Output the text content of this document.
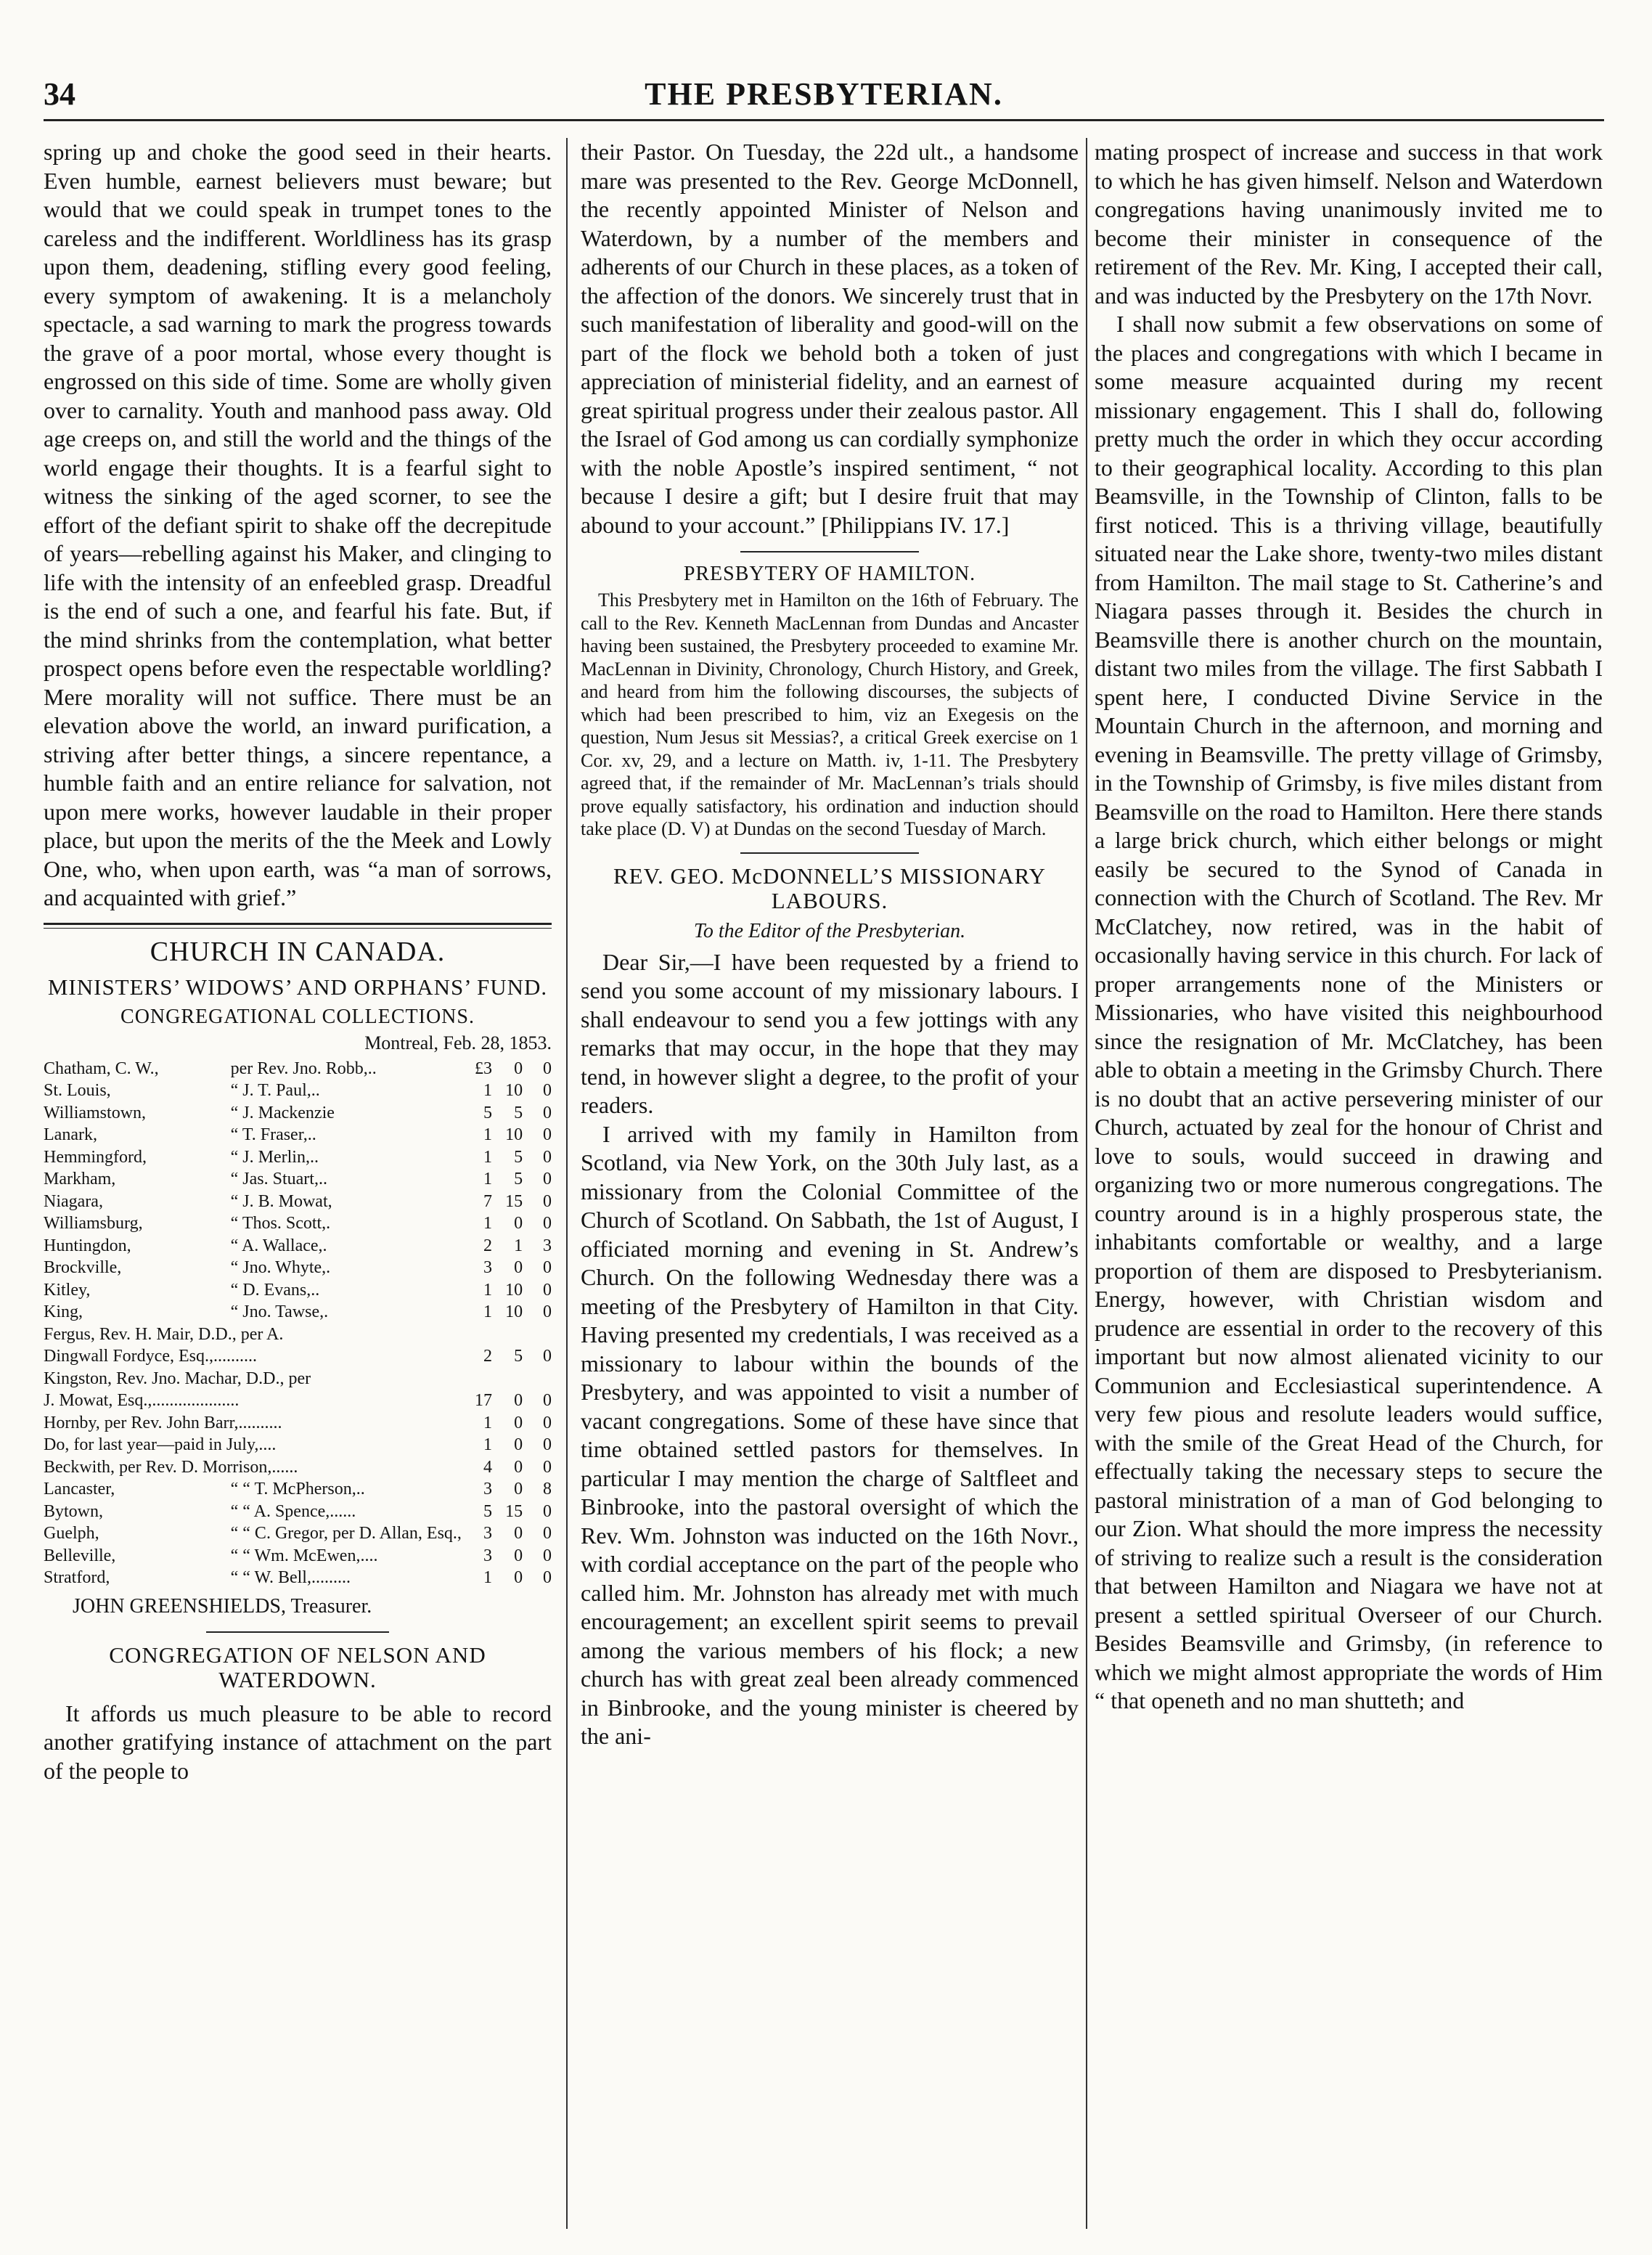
34	THE PRESBYTERIAN.

spring up and choke the good seed in their hearts. Even humble, earnest believers must beware; but would that we could speak in trumpet tones to the careless and the indifferent. Worldliness has its grasp upon them, deadening, stifling every good feeling, every symptom of awakening. It is a melancholy spectacle, a sad warning to mark the progress towards the grave of a poor mortal, whose every thought is engrossed on this side of time. Some are wholly given over to carnality. Youth and manhood pass away. Old age creeps on, and still the world and the things of the world engage their thoughts. It is a fearful sight to witness the sinking of the aged scorner, to see the effort of the defiant spirit to shake off the decrepitude of years—rebelling against his Maker, and clinging to life with the intensity of an enfeebled grasp. Dreadful is the end of such a one, and fearful his fate. But, if the mind shrinks from the contemplation, what better prospect opens before even the respectable worldling? Mere morality will not suffice. There must be an elevation above the world, an inward purification, a striving after better things, a sincere repentance, a humble faith and an entire reliance for salvation, not upon mere works, however laudable in their proper place, but upon the merits of the the Meek and Lowly One, who, when upon earth, was “a man of sorrows, and acquainted with grief.”

CHURCH IN CANADA.
MINISTERS’ WIDOWS’ AND ORPHANS’ FUND.
CONGREGATIONAL COLLECTIONS.
Montreal, Feb. 28, 1853.
Chatham, C. W.,	per Rev. Jno. Robb,..	£3	0	0
St. Louis,	“ J. T. Paul,..	1	10	0
Williamstown,	“ J. Mackenzie	5	5	0
Lanark,	“ T. Fraser,..	1	10	0
Hemmingford,	“ J. Merlin,..	1	5	0
Markham,	“ Jas. Stuart,..	1	5	0
Niagara,	“ J. B. Mowat,	7	15	0
Williamsburg,	“ Thos. Scott,.	1	0	0
Huntingdon,	“ A. Wallace,.	2	1	3
Brockville,	“ Jno. Whyte,.	3	0	0
Kitley,	“ D. Evans,..	1	10	0
King,	“ Jno. Tawse,.	1	10	0
Fergus, Rev. H. Mair, D.D., per A.				
Dingwall Fordyce, Esq.,..........		2	5	0
Kingston, Rev. Jno. Machar, D.D., per				
J. Mowat, Esq.,....................		17	0	0
Hornby, per Rev. John Barr,..........		1	0	0
Do, for last year—paid in July,....		1	0	0
Beckwith, per Rev. D. Morrison,......		4	0	0
Lancaster,	“ “ T. McPherson,..	3	0	8
Bytown,	“ “ A. Spence,......	5	15	0
Guelph,	“ “ C. Gregor, per D. Allan, Esq.,	3	0	0
Belleville,	“ “ Wm. McEwen,....	3	0	0
Stratford,	“ “ W. Bell,.........	1	0	0
JOHN GREENSHIELDS, Treasurer.
CONGREGATION OF NELSON AND WATERDOWN.

It affords us much pleasure to be able to record another gratifying instance of attachment on the part of the people to

their Pastor. On Tuesday, the 22d ult., a handsome mare was presented to the Rev. George McDonnell, the recently appointed Minister of Nelson and Waterdown, by a number of the members and adherents of our Church in these places, as a token of the affection of the donors. We sincerely trust that in such manifestation of liberality and good-will on the part of the flock we behold both a token of just appreciation of ministerial fidelity, and an earnest of great spiritual progress under their zealous pastor. All the Israel of God among us can cordially symphonize with the noble Apostle’s inspired sentiment, “ not because I desire a gift; but I desire fruit that may abound to your account.” [Philippians IV. 17.]

PRESBYTERY OF HAMILTON.

This Presbytery met in Hamilton on the 16th of February. The call to the Rev. Kenneth MacLennan from Dundas and Ancaster having been sustained, the Presbytery proceeded to examine Mr. MacLennan in Divinity, Chronology, Church History, and Greek, and heard from him the following discourses, the subjects of which had been prescribed to him, viz an Exegesis on the question, Num Jesus sit Messias?, a critical Greek exercise on 1 Cor. xv, 29, and a lecture on Matth. iv, 1-11. The Presbytery agreed that, if the remainder of Mr. MacLennan’s trials should prove equally satisfactory, his ordination and induction should take place (D. V) at Dundas on the second Tuesday of March.

REV. GEO. McDONNELL’S MISSIONARY LABOURS.
To the Editor of the Presbyterian.

Dear Sir,—I have been requested by a friend to send you some account of my missionary labours. I shall endeavour to send you a few jottings with any remarks that may occur, in the hope that they may tend, in however slight a degree, to the profit of your readers.

I arrived with my family in Hamilton from Scotland, via New York, on the 30th July last, as a missionary from the Colonial Committee of the Church of Scotland. On Sabbath, the 1st of August, I officiated morning and evening in St. Andrew’s Church. On the following Wednesday there was a meeting of the Presbytery of Hamilton in that City. Having presented my credentials, I was received as a missionary to labour within the bounds of the Presbytery, and was appointed to visit a number of vacant congregations. Some of these have since that time obtained settled pastors for themselves. In particular I may mention the charge of Saltfleet and Binbrooke, into the pastoral oversight of which the Rev. Wm. Johnston was inducted on the 16th Novr., with cordial acceptance on the part of the people who called him. Mr. Johnston has already met with much encouragement; an excellent spirit seems to prevail among the various members of his flock; a new church has with great zeal been already commenced in Binbrooke, and the young minister is cheered by the ani-

mating prospect of increase and success in that work to which he has given himself. Nelson and Waterdown congregations having unanimously invited me to become their minister in consequence of the retirement of the Rev. Mr. King, I accepted their call, and was inducted by the Presbytery on the 17th Novr.

I shall now submit a few observations on some of the places and congregations with which I became in some measure acquainted during my recent missionary engagement. This I shall do, following pretty much the order in which they occur according to their geographical locality. According to this plan Beamsville, in the Township of Clinton, falls to be first noticed. This is a thriving village, beautifully situated near the Lake shore, twenty-two miles distant from Hamilton. The mail stage to St. Catherine’s and Niagara passes through it. Besides the church in Beamsville there is another church on the mountain, distant two miles from the village. The first Sabbath I spent here, I conducted Divine Service in the Mountain Church in the afternoon, and morning and evening in Beamsville. The pretty village of Grimsby, in the Township of Grimsby, is five miles distant from Beamsville on the road to Hamilton. Here there stands a large brick church, which either belongs or might easily be secured to the Synod of Canada in connection with the Church of Scotland. The Rev. Mr McClatchey, now retired, was in the habit of occasionally having service in this church. For lack of proper arrangements none of the Ministers or Missionaries, who have visited this neighbourhood since the resignation of Mr. McClatchey, has been able to obtain a meeting in the Grimsby Church. There is no doubt that an active persevering minister of our Church, actuated by zeal for the honour of Christ and love to souls, would succeed in drawing and organizing two or more numerous congregations. The country around is in a highly prosperous state, the inhabitants comfortable or wealthy, and a large proportion of them are disposed to Presbyterianism. Energy, however, with Christian wisdom and prudence are essential in order to the recovery of this important but now almost alienated vicinity to our Communion and Ecclesiastical superintendence. A very few pious and resolute leaders would suffice, with the smile of the Great Head of the Church, for effectually taking the necessary steps to secure the pastoral ministration of a man of God belonging to our Zion. What should the more impress the necessity of striving to realize such a result is the consideration that between Hamilton and Niagara we have not at present a settled spiritual Overseer of our Church. Besides Beamsville and Grimsby, (in reference to which we might almost appropriate the words of Him “ that openeth and no man shutteth; and
